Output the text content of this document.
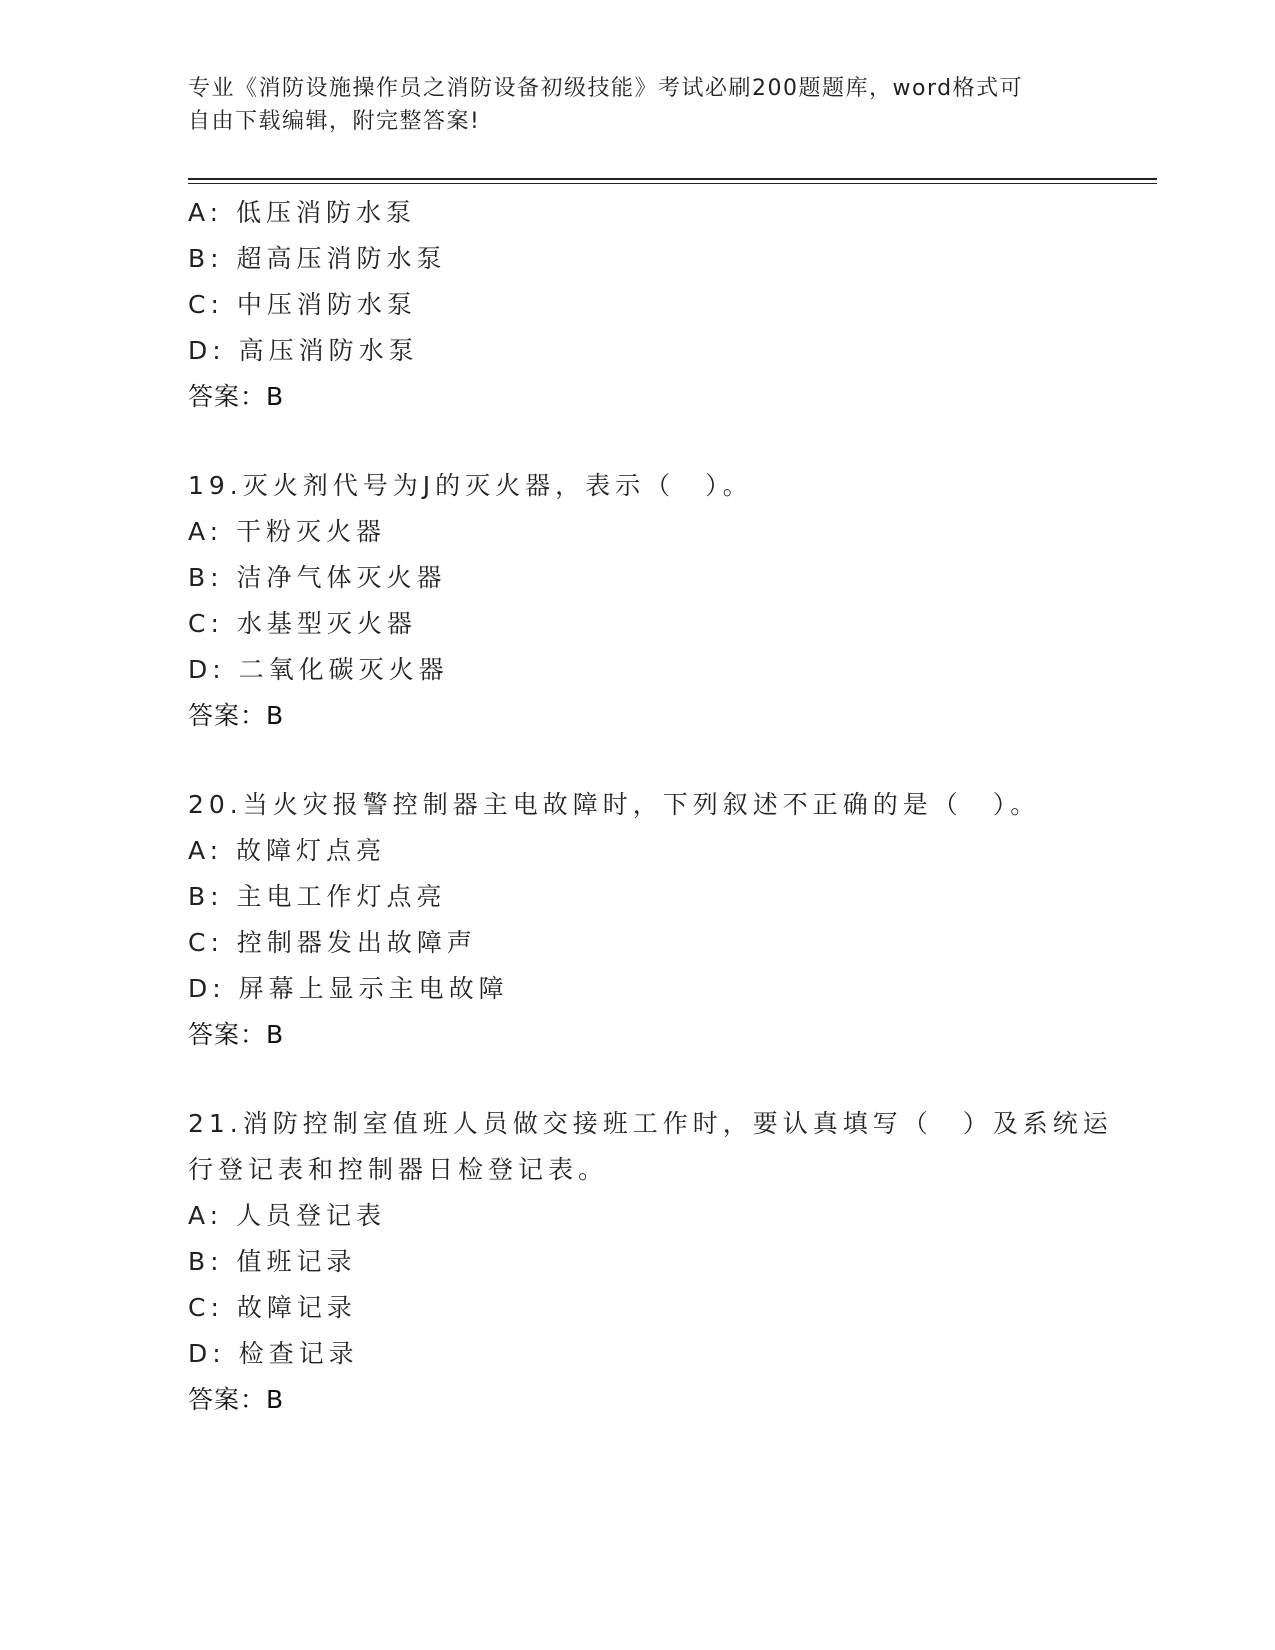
专业《消防设施操作员之消防设备初级技能》考试必刷200题题库，word格式可
自由下载编辑，附完整答案!
A: 低压消防水泵
B: 超高压消防水泵
C: 中压消防水泵
D: 高压消防水泵
答案：B
19.灭火剂代号为J的灭火器，表示（　）。
A: 干粉灭火器
B: 洁净气体灭火器
C: 水基型灭火器
D: 二氧化碳灭火器
答案：B
20.当火灾报警控制器主电故障时，下列叙述不正确的是（　）。
A: 故障灯点亮
B: 主电工作灯点亮
C: 控制器发出故障声
D: 屏幕上显示主电故障
答案：B
21.消防控制室值班人员做交接班工作时，要认真填写（　）及系统运
行登记表和控制器日检登记表。
A: 人员登记表
B: 值班记录
C: 故障记录
D: 检查记录
答案：B
